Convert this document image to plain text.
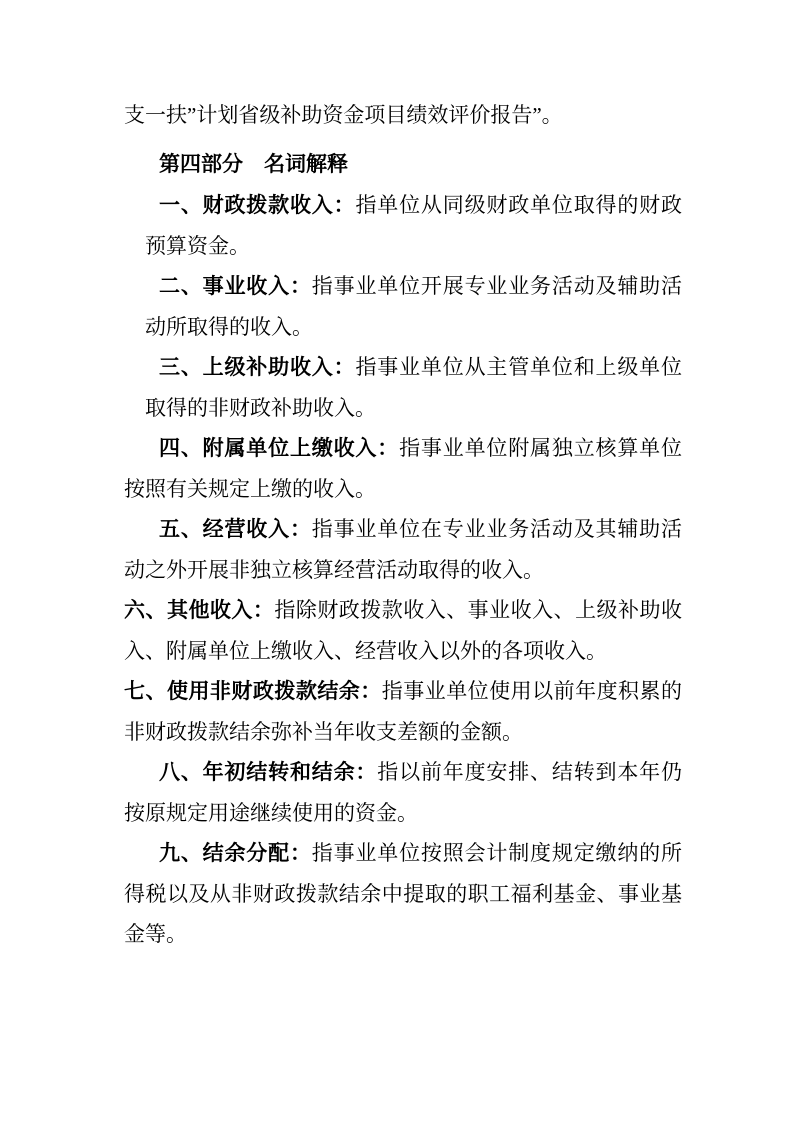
支一扶”计划省级补助资金项目绩效评价报告”。

第四部分　名词解释

一、财政拨款收入：指单位从同级财政单位取得的财政预算资金。

二、事业收入：指事业单位开展专业业务活动及辅助活动所取得的收入。

三、上级补助收入：指事业单位从主管单位和上级单位取得的非财政补助收入。

四、附属单位上缴收入：指事业单位附属独立核算单位按照有关规定上缴的收入。

五、经营收入：指事业单位在专业业务活动及其辅助活动之外开展非独立核算经营活动取得的收入。

六、其他收入：指除财政拨款收入、事业收入、上级补助收入、附属单位上缴收入、经营收入以外的各项收入。

七、使用非财政拨款结余：指事业单位使用以前年度积累的非财政拨款结余弥补当年收支差额的金额。

八、年初结转和结余：指以前年度安排、结转到本年仍按原规定用途继续使用的资金。

九、结余分配：指事业单位按照会计制度规定缴纳的所得税以及从非财政拨款结余中提取的职工福利基金、事业基金等。
